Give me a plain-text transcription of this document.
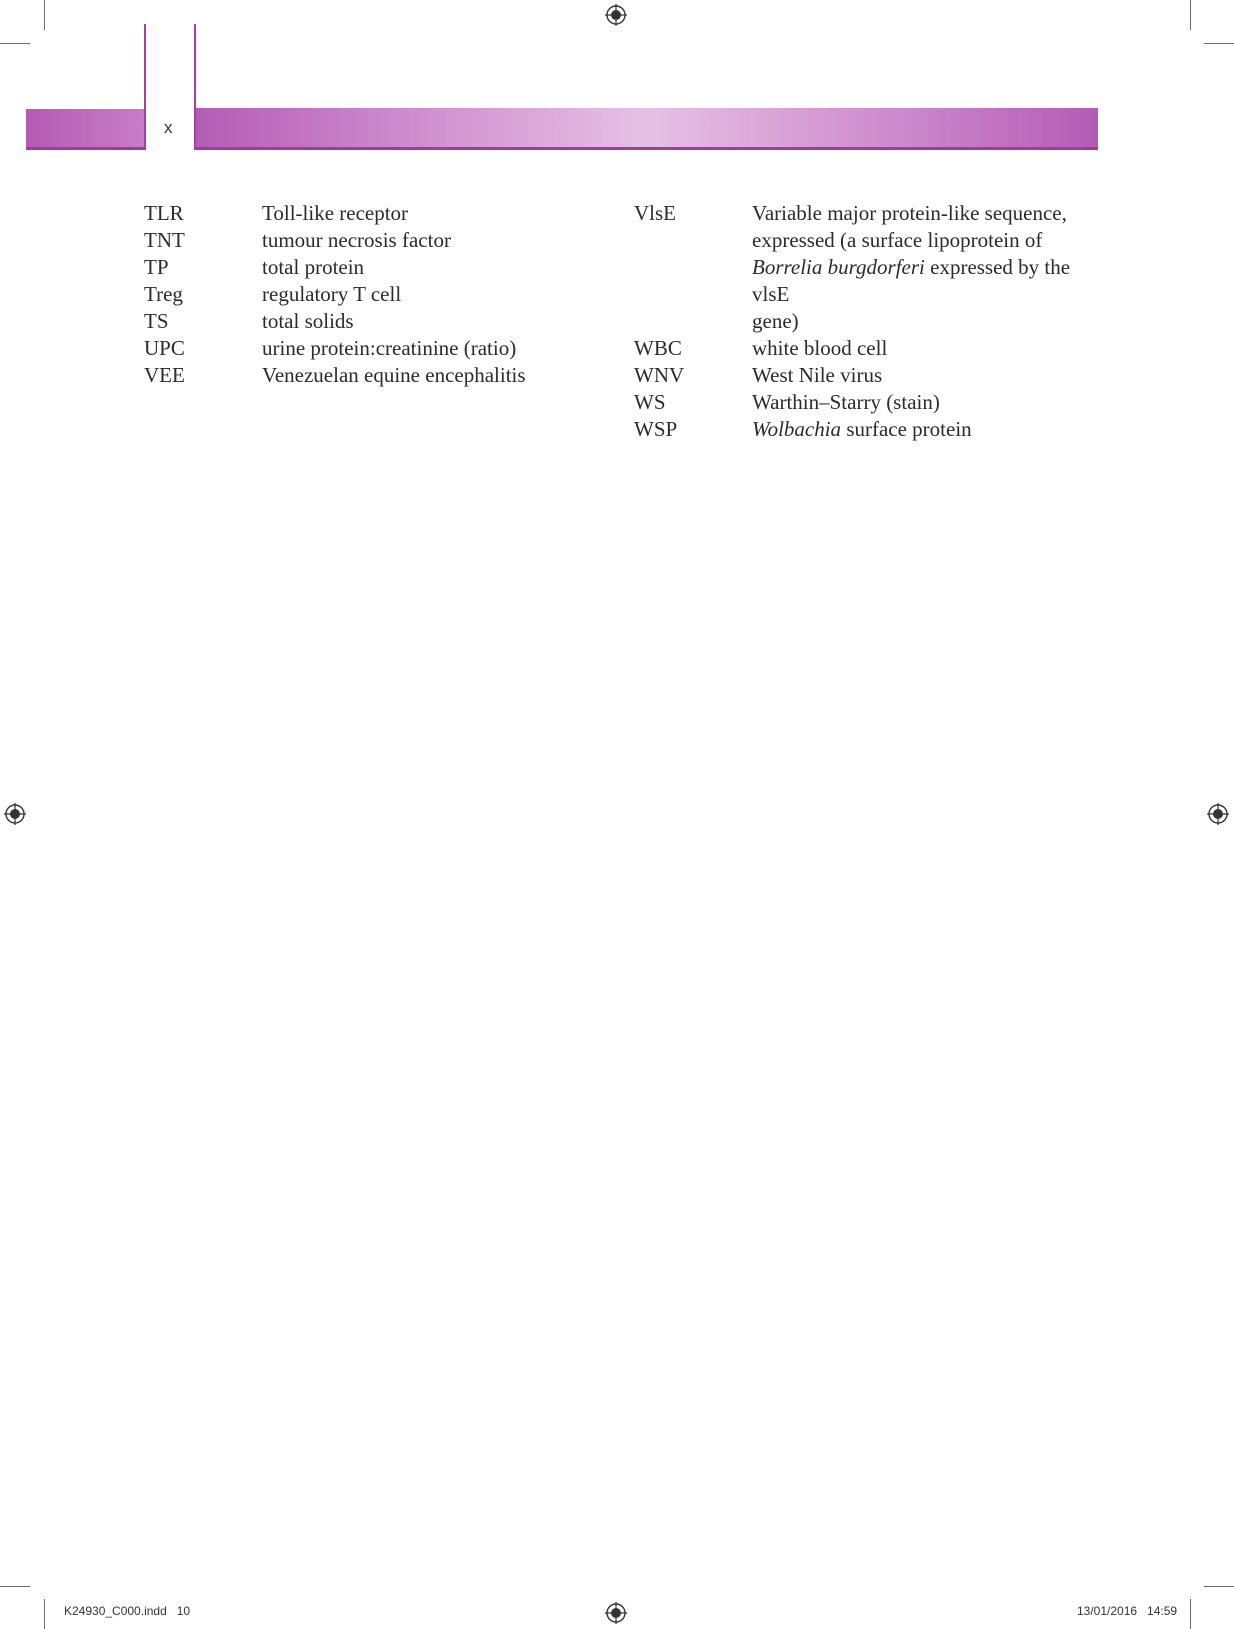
x
TLR	Toll-like receptor
TNT	tumour necrosis factor
TP	total protein
Treg	regulatory T cell
TS	total solids
UPC	urine protein:creatinine (ratio)
VEE	Venezuelan equine encephalitis
VlsE	Variable major protein-like sequence,
expressed (a surface lipoprotein of
Borrelia burgdorferi expressed by the vlsE
gene)
WBC	white blood cell
WNV	West Nile virus
WS	Warthin–Starry (stain)
WSP	Wolbachia surface protein
K24930_C000.indd   10	13/01/2016   14:59
